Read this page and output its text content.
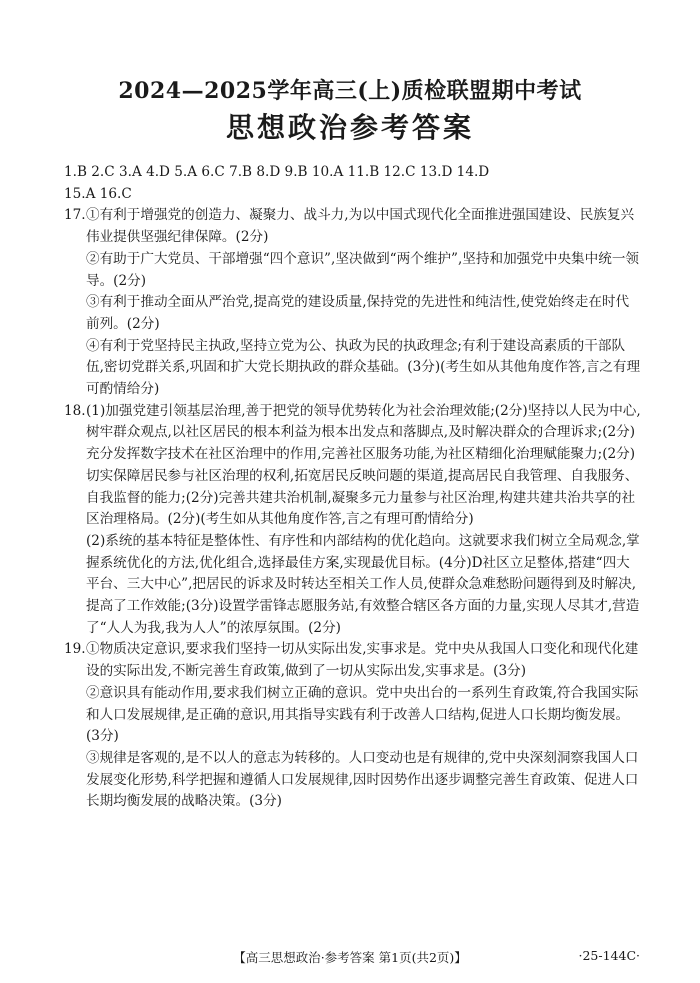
2024—2025学年高三(上)质检联盟期中考试
思想政治参考答案
1.B 2.C 3.A 4.D 5.A 6.C 7.B 8.D 9.B 10.A 11.B 12.C 13.D 14.D
15.A 16.C
17. ①有利于增强党的创造力、凝聚力、战斗力,为以中国式现代化全面推进强国建设、民族复兴伟业提供坚强纪律保障。(2分)

②有助于广大党员、干部增强“四个意识”,坚决做到“两个维护”,坚持和加强党中央集中统一领导。(2分)

③有利于推动全面从严治党,提高党的建设质量,保持党的先进性和纯洁性,使党始终走在时代前列。(2分)

④有利于党坚持民主执政,坚持立党为公、执政为民的执政理念;有利于建设高素质的干部队伍,密切党群关系,巩固和扩大党长期执政的群众基础。(3分)(考生如从其他角度作答,言之有理可酌情给分)

18. (1)加强党建引领基层治理,善于把党的领导优势转化为社会治理效能;(2分)坚持以人民为中心,树牢群众观点,以社区居民的根本利益为根本出发点和落脚点,及时解决群众的合理诉求;(2分)充分发挥数字技术在社区治理中的作用,完善社区服务功能,为社区精细化治理赋能聚力;(2分)切实保障居民参与社区治理的权利,拓宽居民反映问题的渠道,提高居民自我管理、自我服务、自我监督的能力;(2分)完善共建共治机制,凝聚多元力量参与社区治理,构建共建共治共享的社区治理格局。(2分)(考生如从其他角度作答,言之有理可酌情给分)

(2)系统的基本特征是整体性、有序性和内部结构的优化趋向。这就要求我们树立全局观念,掌握系统优化的方法,优化组合,选择最佳方案,实现最优目标。(4分)D社区立足整体,搭建“四大平台、三大中心”,把居民的诉求及时转达至相关工作人员,使群众急难愁盼问题得到及时解决,提高了工作效能;(3分)设置学雷锋志愿服务站,有效整合辖区各方面的力量,实现人尽其才,营造了“人人为我,我为人人”的浓厚氛围。(2分)

19. ①物质决定意识,要求我们坚持一切从实际出发,实事求是。党中央从我国人口变化和现代化建设的实际出发,不断完善生育政策,做到了一切从实际出发,实事求是。(3分)

②意识具有能动作用,要求我们树立正确的意识。党中央出台的一系列生育政策,符合我国实际和人口发展规律,是正确的意识,用其指导实践有利于改善人口结构,促进人口长期均衡发展。(3分)

③规律是客观的,是不以人的意志为转移的。人口变动也是有规律的,党中央深刻洞察我国人口发展变化形势,科学把握和遵循人口发展规律,因时因势作出逐步调整完善生育政策、促进人口长期均衡发展的战略决策。(3分)

【高三思想政治·参考答案 第1页(共2页)】	·25-144C·
